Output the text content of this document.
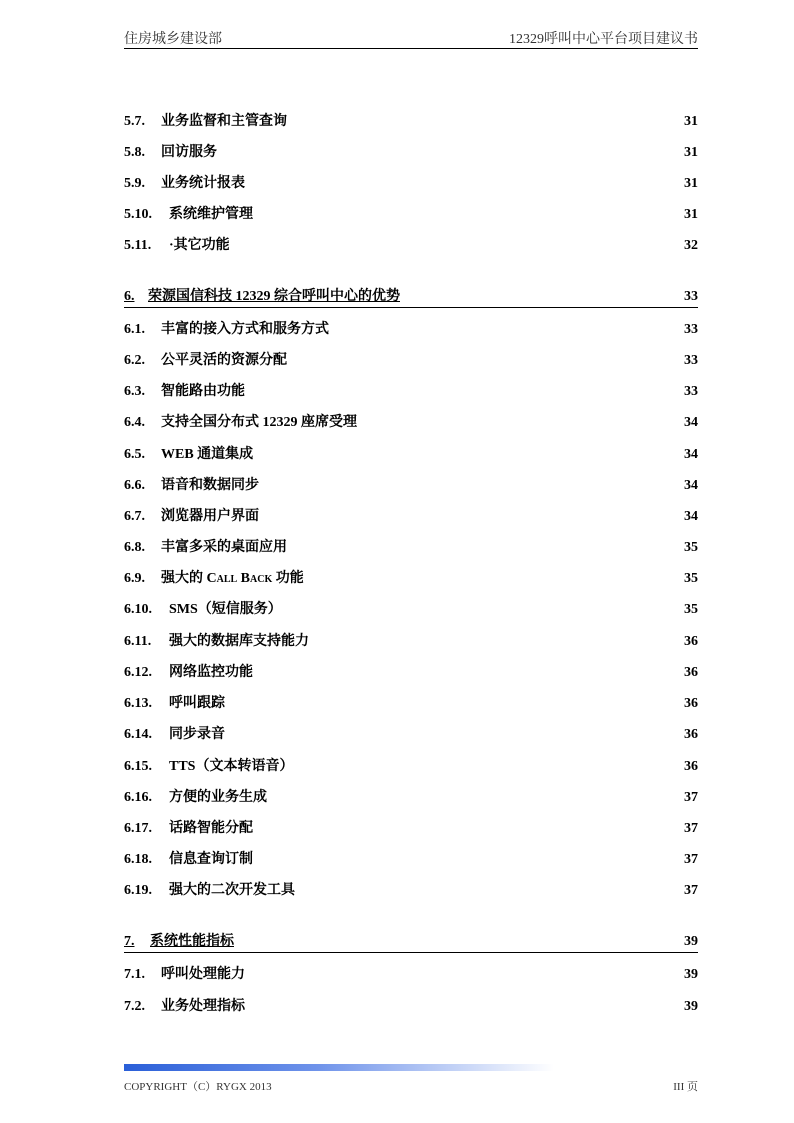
住房城乡建设部	12329呼叫中心平台项目建议书
5.7. 业务监督和主管查询	31
5.8. 回访服务	31
5.9. 业务统计报表	31
5.10. 系统维护管理	31
5.11. ·其它功能	32
6. 荣源国信科技 12329 综合呼叫中心的优势	33
6.1. 丰富的接入方式和服务方式	33
6.2. 公平灵活的资源分配	33
6.3. 智能路由功能	33
6.4. 支持全国分布式 12329 座席受理	34
6.5. WEB 通道集成	34
6.6. 语音和数据同步	34
6.7. 浏览器用户界面	34
6.8. 丰富多采的桌面应用	35
6.9. 强大的 Call Back 功能	35
6.10. SMS（短信服务）	35
6.11. 强大的数据库支持能力	36
6.12. 网络监控功能	36
6.13. 呼叫跟踪	36
6.14. 同步录音	36
6.15. TTS（文本转语音）	36
6.16. 方便的业务生成	37
6.17. 话路智能分配	37
6.18. 信息查询订制	37
6.19. 强大的二次开发工具	37
7. 系统性能指标	39
7.1. 呼叫处理能力	39
7.2. 业务处理指标	39
COPYRIGHT（C）RYGX 2013	III 页
